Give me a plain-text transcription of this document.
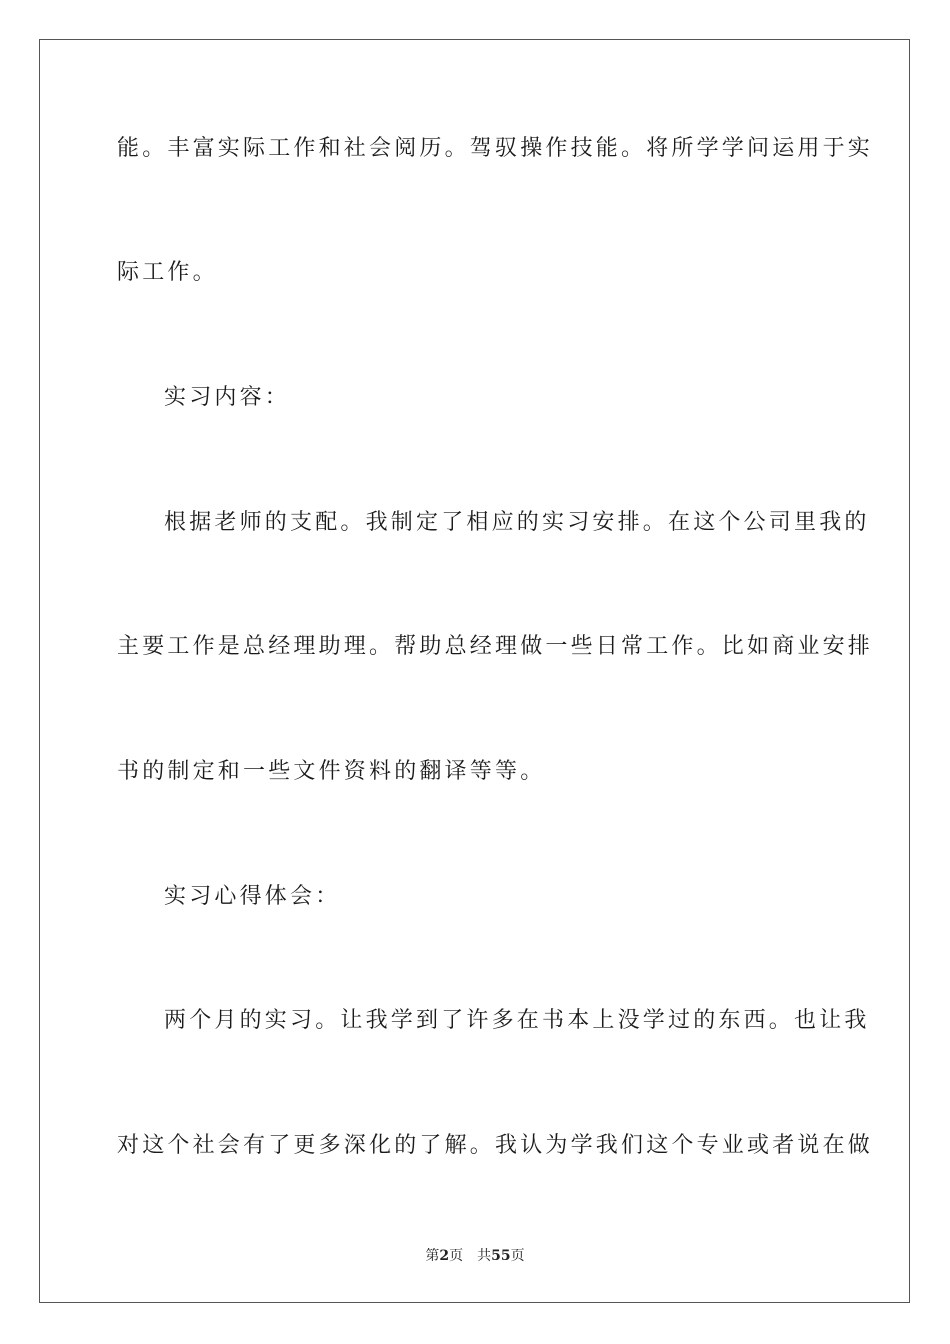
能。丰富实际工作和社会阅历。驾驭操作技能。将所学学问运用于实
际工作。
实习内容：
根据老师的支配。我制定了相应的实习安排。在这个公司里我的
主要工作是总经理助理。帮助总经理做一些日常工作。比如商业安排
书的制定和一些文件资料的翻译等等。
实习心得体会：
两个月的实习。让我学到了许多在书本上没学过的东西。也让我
对这个社会有了更多深化的了解。我认为学我们这个专业或者说在做
第2页 共55页
